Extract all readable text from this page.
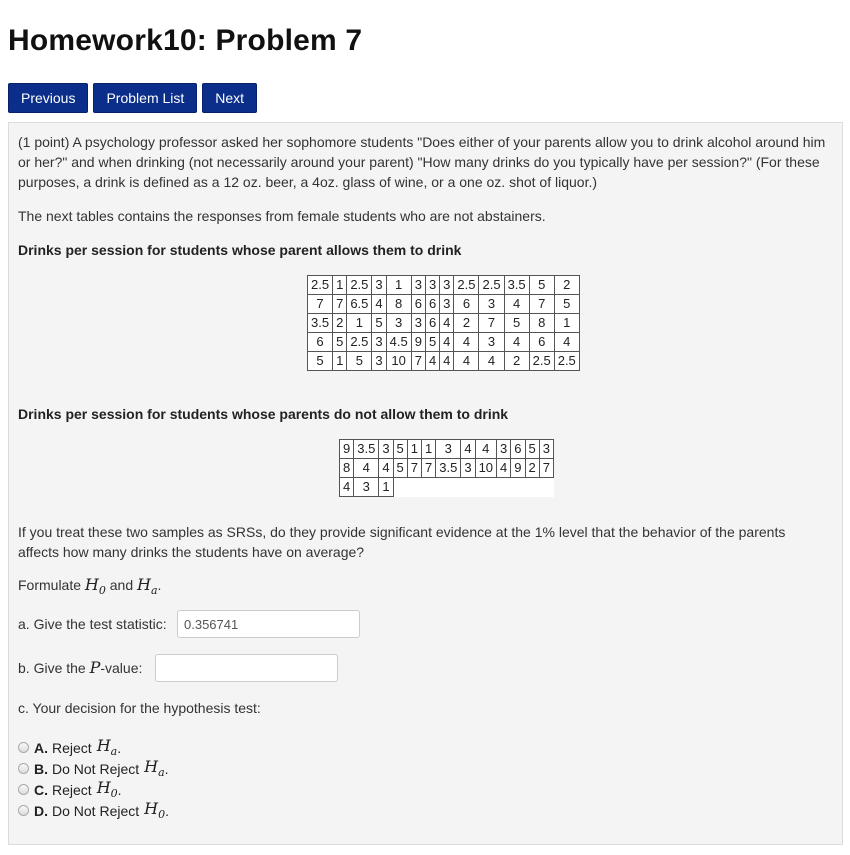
Homework10: Problem 7
Previous	Problem List	Next

(1 point) A psychology professor asked her sophomore students "Does either of your parents allow you to drink alcohol around him or her?" and when drinking (not necessarily around your parent) "How many drinks do you typically have per session?" (For these purposes, a drink is defined as a 12 oz. beer, a 4oz. glass of wine, or a one oz. shot of liquor.)

The next tables contains the responses from female students who are not abstainers.

Drinks per session for students whose parent allows them to drink

2.5	1	2.5	3	1	3	3	3	2.5	2.5	3.5	5	2
7	7	6.5	4	8	6	6	3	6	3	4	7	5
3.5	2	1	5	3	3	6	4	2	7	5	8	1
6	5	2.5	3	4.5	9	5	4	4	3	4	6	4
5	1	5	3	10	7	4	4	4	4	2	2.5	2.5

Drinks per session for students whose parents do not allow them to drink

9	3.5	3	5	1	1	3	4	4	3	6	5	3
8	4	4	5	7	7	3.5	3	10	4	9	2	7
4	3	1										

If you treat these two samples as SRSs, do they provide significant evidence at the 1% level that the behavior of the parents affects how many drinks the students have on average?

Formulate $H_0$ and $H_a$.

a. Give the test statistic:

0.356741

b. Give the P-value:

c. Your decision for the hypothesis test:

A. Reject $H_a$ .
B. Do Not Reject $H_a$ .
C. Reject $H_0$ .
D. Do Not Reject $H_0$ .
